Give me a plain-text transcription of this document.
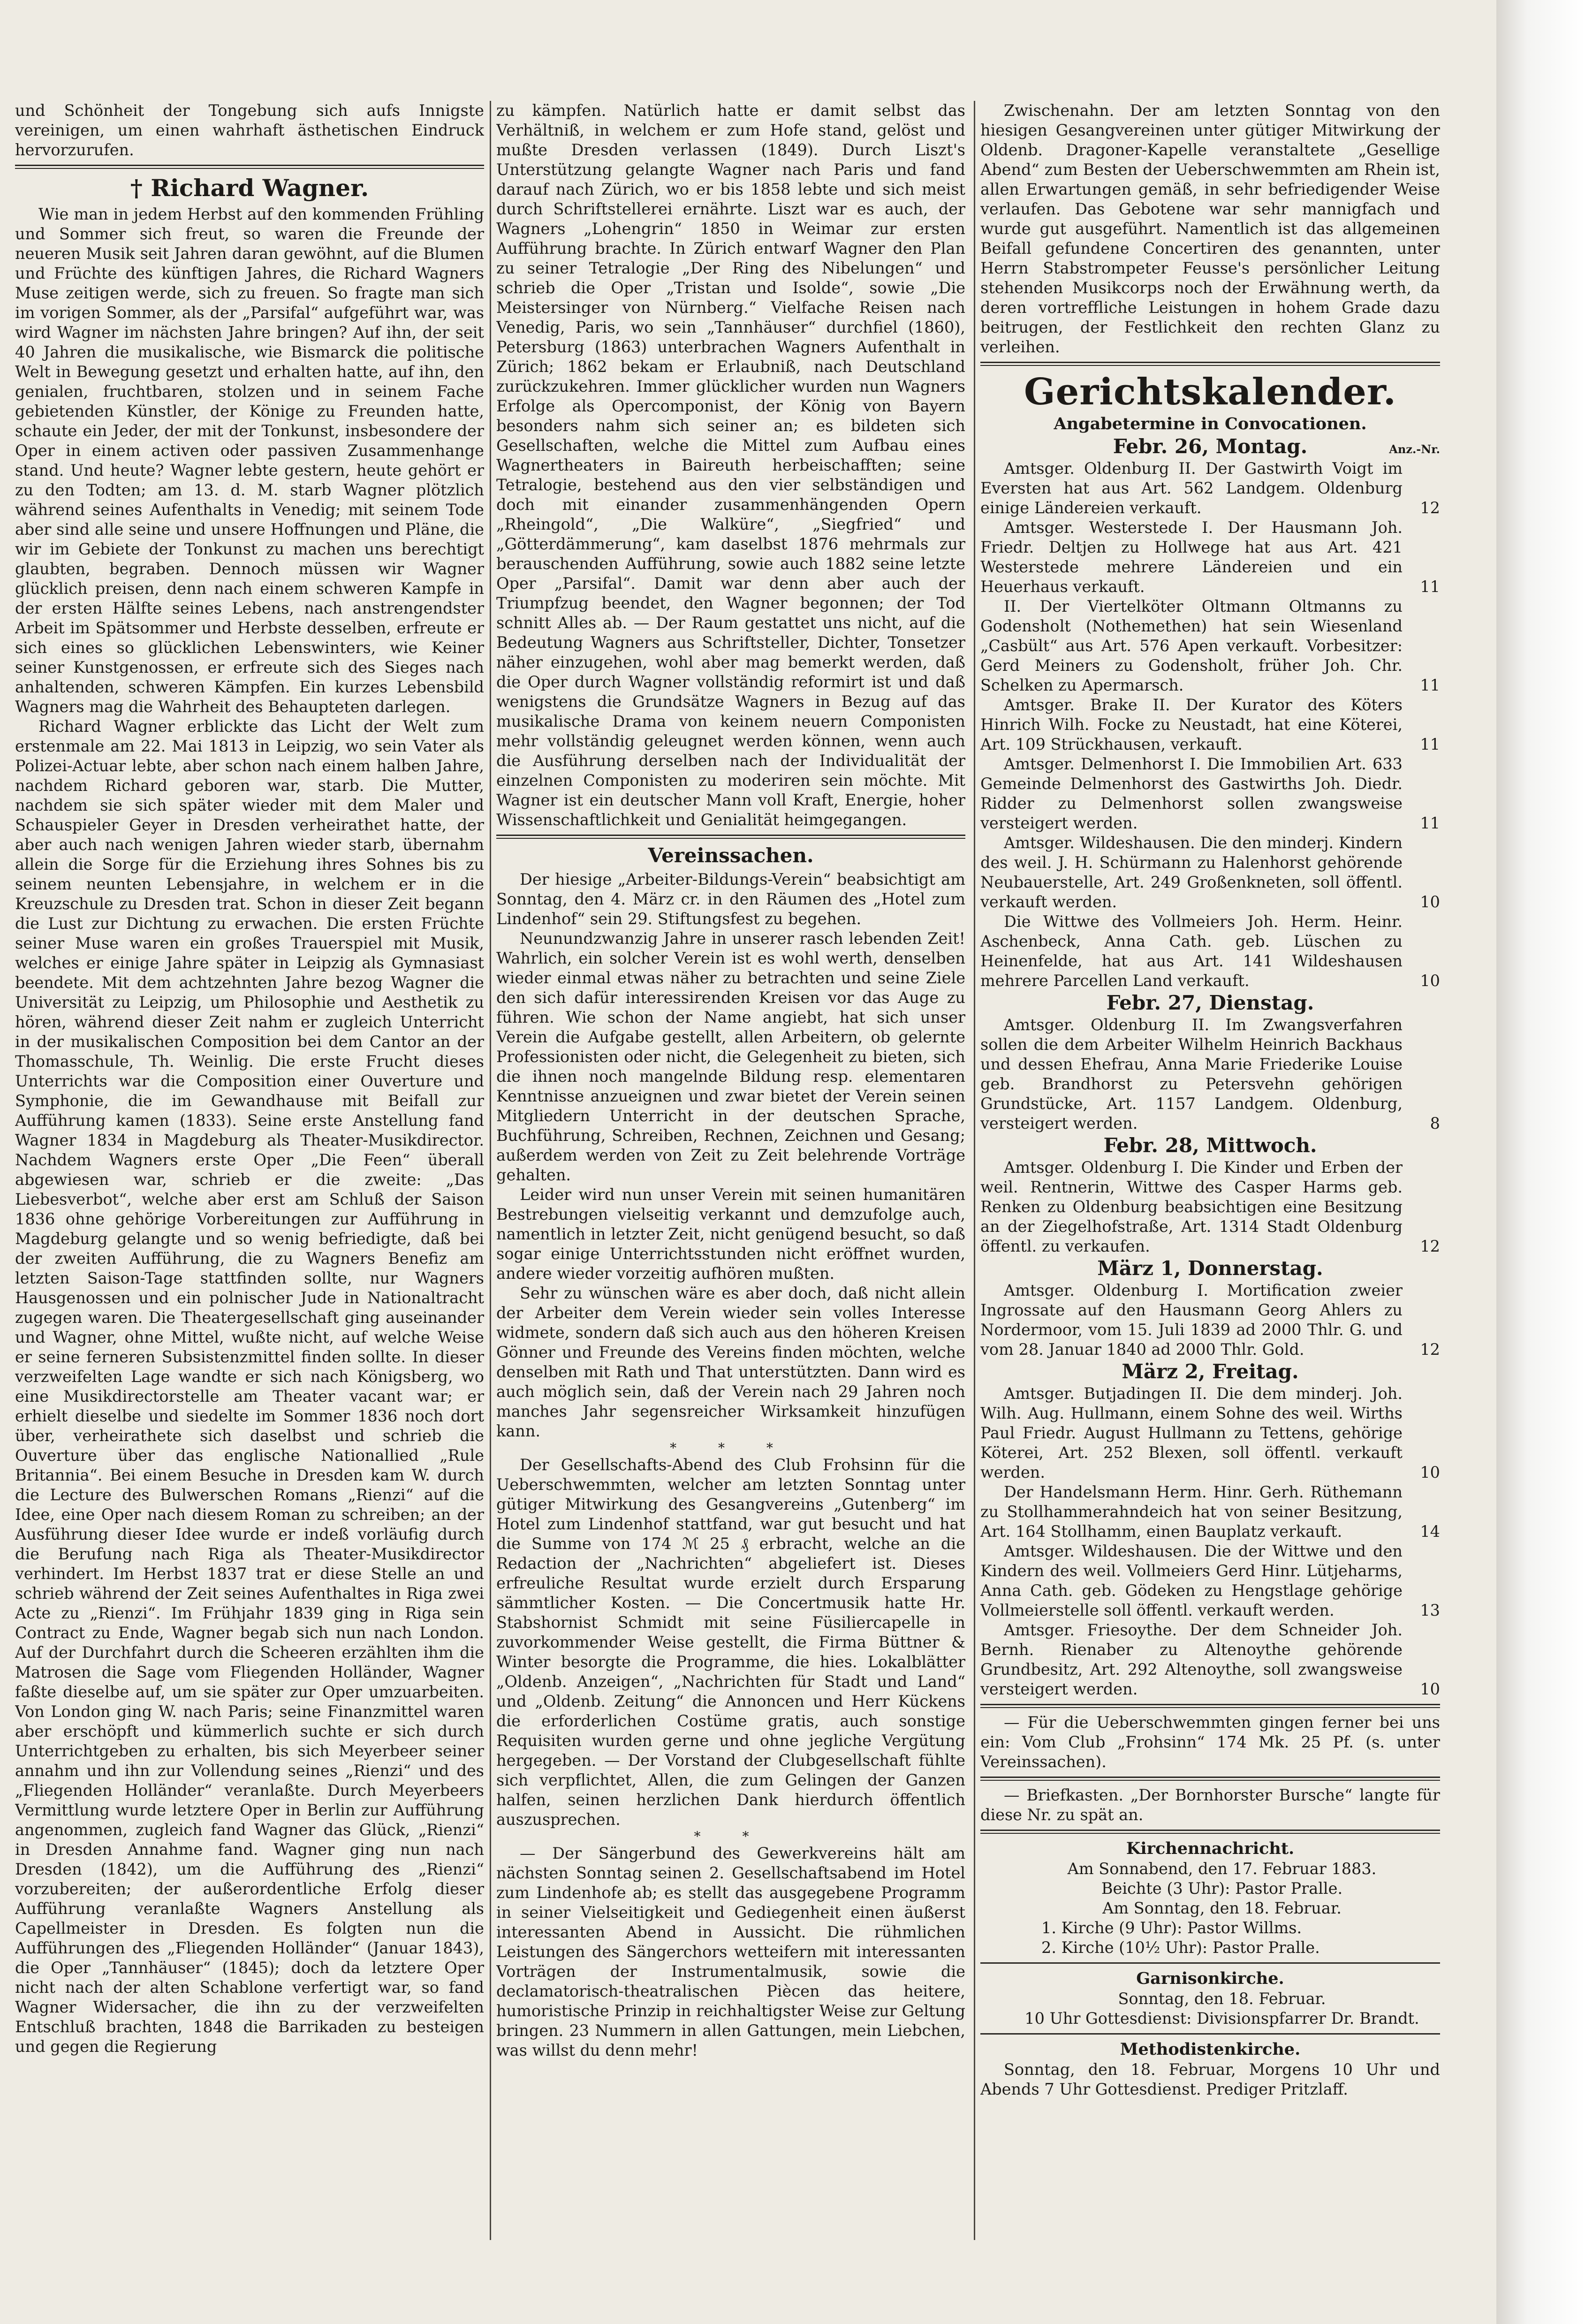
und Schönheit der Tongebung sich aufs Innigste vereinigen, um einen wahrhaft ästhetischen Eindruck hervorzurufen.

† Richard Wagner.

Wie man in jedem Herbst auf den kommenden Frühling und Sommer sich freut, so waren die Freunde der neueren Musik seit Jahren daran gewöhnt, auf die Blumen und Früchte des künftigen Jahres, die Richard Wagners Muse zeitigen werde, sich zu freuen. So fragte man sich im vorigen Sommer, als der „Parsifal“ aufgeführt war, was wird Wagner im nächsten Jahre bringen? Auf ihn, der seit 40 Jahren die musikalische, wie Bismarck die politische Welt in Bewegung gesetzt und erhalten hatte, auf ihn, den genialen, fruchtbaren, stolzen und in seinem Fache gebietenden Künstler, der Könige zu Freunden hatte, schaute ein Jeder, der mit der Tonkunst, insbesondere der Oper in einem activen oder passiven Zusammenhange stand. Und heute? Wagner lebte gestern, heute gehört er zu den Todten; am 13. d. M. starb Wagner plötzlich während seines Aufenthalts in Venedig; mit seinem Tode aber sind alle seine und unsere Hoffnungen und Pläne, die wir im Gebiete der Tonkunst zu machen uns berechtigt glaubten, begraben. Dennoch müssen wir Wagner glücklich preisen, denn nach einem schweren Kampfe in der ersten Hälfte seines Lebens, nach anstrengendster Arbeit im Spätsommer und Herbste desselben, erfreute er sich eines so glücklichen Lebenswinters, wie Keiner seiner Kunstgenossen, er erfreute sich des Sieges nach anhaltenden, schweren Kämpfen. Ein kurzes Lebensbild Wagners mag die Wahrheit des Behaupteten darlegen.

Richard Wagner erblickte das Licht der Welt zum erstenmale am 22. Mai 1813 in Leipzig, wo sein Vater als Polizei-Actuar lebte, aber schon nach einem halben Jahre, nachdem Richard geboren war, starb. Die Mutter, nachdem sie sich später wieder mit dem Maler und Schauspieler Geyer in Dresden verheirathet hatte, der aber auch nach wenigen Jahren wieder starb, übernahm allein die Sorge für die Erziehung ihres Sohnes bis zu seinem neunten Lebensjahre, in welchem er in die Kreuzschule zu Dresden trat. Schon in dieser Zeit begann die Lust zur Dichtung zu erwachen. Die ersten Früchte seiner Muse waren ein großes Trauerspiel mit Musik, welches er einige Jahre später in Leipzig als Gymnasiast beendete. Mit dem achtzehnten Jahre bezog Wagner die Universität zu Leipzig, um Philosophie und Aesthetik zu hören, während dieser Zeit nahm er zugleich Unterricht in der musikalischen Composition bei dem Cantor an der Thomasschule, Th. Weinlig. Die erste Frucht dieses Unterrichts war die Composition einer Ouverture und Symphonie, die im Gewandhause mit Beifall zur Aufführung kamen (1833). Seine erste Anstellung fand Wagner 1834 in Magdeburg als Theater-Musikdirector. Nachdem Wagners erste Oper „Die Feen“ überall abgewiesen war, schrieb er die zweite: „Das Liebesverbot“, welche aber erst am Schluß der Saison 1836 ohne gehörige Vorbereitungen zur Aufführung in Magdeburg gelangte und so wenig befriedigte, daß bei der zweiten Aufführung, die zu Wagners Benefiz am letzten Saison-Tage stattfinden sollte, nur Wagners Hausgenossen und ein polnischer Jude in Nationaltracht zugegen waren. Die Theatergesellschaft ging auseinander und Wagner, ohne Mittel, wußte nicht, auf welche Weise er seine ferneren Subsistenzmittel finden sollte. In dieser verzweifelten Lage wandte er sich nach Königsberg, wo eine Musikdirectorstelle am Theater vacant war; er erhielt dieselbe und siedelte im Sommer 1836 noch dort über, verheirathete sich daselbst und schrieb die Ouverture über das englische Nationallied „Rule Britannia“. Bei einem Besuche in Dresden kam W. durch die Lecture des Bulwerschen Romans „Rienzi“ auf die Idee, eine Oper nach diesem Roman zu schreiben; an der Ausführung dieser Idee wurde er indeß vorläufig durch die Berufung nach Riga als Theater-Musikdirector verhindert. Im Herbst 1837 trat er diese Stelle an und schrieb während der Zeit seines Aufenthaltes in Riga zwei Acte zu „Rienzi“. Im Frühjahr 1839 ging in Riga sein Contract zu Ende, Wagner begab sich nun nach London. Auf der Durchfahrt durch die Scheeren erzählten ihm die Matrosen die Sage vom Fliegenden Holländer, Wagner faßte dieselbe auf, um sie später zur Oper umzuarbeiten. Von London ging W. nach Paris; seine Finanzmittel waren aber erschöpft und kümmerlich suchte er sich durch Unterrichtgeben zu erhalten, bis sich Meyerbeer seiner annahm und ihn zur Vollendung seines „Rienzi“ und des „Fliegenden Holländer“ veranlaßte. Durch Meyerbeers Vermittlung wurde letztere Oper in Berlin zur Aufführung angenommen, zugleich fand Wagner das Glück, „Rienzi“ in Dresden Annahme fand. Wagner ging nun nach Dresden (1842), um die Aufführung des „Rienzi“ vorzubereiten; der außerordentliche Erfolg dieser Aufführung veranlaßte Wagners Anstellung als Capellmeister in Dresden. Es folgten nun die Aufführungen des „Fliegenden Holländer“ (Januar 1843), die Oper „Tannhäuser“ (1845); doch da letztere Oper nicht nach der alten Schablone verfertigt war, so fand Wagner Widersacher, die ihn zu der verzweifelten Entschluß brachten, 1848 die Barrikaden zu besteigen und gegen die Regierung

zu kämpfen. Natürlich hatte er damit selbst das Verhältniß, in welchem er zum Hofe stand, gelöst und mußte Dresden verlassen (1849). Durch Liszt's Unterstützung gelangte Wagner nach Paris und fand darauf nach Zürich, wo er bis 1858 lebte und sich meist durch Schriftstellerei ernährte. Liszt war es auch, der Wagners „Lohengrin“ 1850 in Weimar zur ersten Aufführung brachte. In Zürich entwarf Wagner den Plan zu seiner Tetralogie „Der Ring des Nibelungen“ und schrieb die Oper „Tristan und Isolde“, sowie „Die Meistersinger von Nürnberg.“ Vielfache Reisen nach Venedig, Paris, wo sein „Tannhäuser“ durchfiel (1860), Petersburg (1863) unterbrachen Wagners Aufenthalt in Zürich; 1862 bekam er Erlaubniß, nach Deutschland zurückzukehren. Immer glücklicher wurden nun Wagners Erfolge als Opercomponist, der König von Bayern besonders nahm sich seiner an; es bildeten sich Gesellschaften, welche die Mittel zum Aufbau eines Wagnertheaters in Baireuth herbeischafften; seine Tetralogie, bestehend aus den vier selbständigen und doch mit einander zusammenhängenden Opern „Rheingold“, „Die Walküre“, „Siegfried“ und „Götterdämmerung“, kam daselbst 1876 mehrmals zur berauschenden Aufführung, sowie auch 1882 seine letzte Oper „Parsifal“. Damit war denn aber auch der Triumpfzug beendet, den Wagner begonnen; der Tod schnitt Alles ab. — Der Raum gestattet uns nicht, auf die Bedeutung Wagners aus Schriftsteller, Dichter, Tonsetzer näher einzugehen, wohl aber mag bemerkt werden, daß die Oper durch Wagner vollständig reformirt ist und daß wenigstens die Grundsätze Wagners in Bezug auf das musikalische Drama von keinem neuern Componisten mehr vollständig geleugnet werden können, wenn auch die Ausführung derselben nach der Individualität der einzelnen Componisten zu moderiren sein möchte. Mit Wagner ist ein deutscher Mann voll Kraft, Energie, hoher Wissenschaftlichkeit und Genialität heimgegangen.

Vereinssachen.

Der hiesige „Arbeiter-Bildungs-Verein“ beabsichtigt am Sonntag, den 4. März cr. in den Räumen des „Hotel zum Lindenhof“ sein 29. Stiftungsfest zu begehen.

Neunundzwanzig Jahre in unserer rasch lebenden Zeit! Wahrlich, ein solcher Verein ist es wohl werth, denselben wieder einmal etwas näher zu betrachten und seine Ziele den sich dafür interessirenden Kreisen vor das Auge zu führen. Wie schon der Name angiebt, hat sich unser Verein die Aufgabe gestellt, allen Arbeitern, ob gelernte Professionisten oder nicht, die Gelegenheit zu bieten, sich die ihnen noch mangelnde Bildung resp. elementaren Kenntnisse anzueignen und zwar bietet der Verein seinen Mitgliedern Unterricht in der deutschen Sprache, Buchführung, Schreiben, Rechnen, Zeichnen und Gesang; außerdem werden von Zeit zu Zeit belehrende Vorträge gehalten.

Leider wird nun unser Verein mit seinen humanitären Bestrebungen vielseitig verkannt und demzufolge auch, namentlich in letzter Zeit, nicht genügend besucht, so daß sogar einige Unterrichtsstunden nicht eröffnet wurden, andere wieder vorzeitig aufhören mußten.

Sehr zu wünschen wäre es aber doch, daß nicht allein der Arbeiter dem Verein wieder sein volles Interesse widmete, sondern daß sich auch aus den höheren Kreisen Gönner und Freunde des Vereins finden möchten, welche denselben mit Rath und That unterstützten. Dann wird es auch möglich sein, daß der Verein nach 29 Jahren noch manches Jahr segensreicher Wirksamkeit hinzufügen kann.

* * *

Der Gesellschafts-Abend des Club Frohsinn für die Ueberschwemmten, welcher am letzten Sonntag unter gütiger Mitwirkung des Gesangvereins „Gutenberg“ im Hotel zum Lindenhof stattfand, war gut besucht und hat die Summe von 174 ℳ 25 ₰ erbracht, welche an die Redaction der „Nachrichten“ abgeliefert ist. Dieses erfreuliche Resultat wurde erzielt durch Ersparung sämmtlicher Kosten. — Die Concertmusik hatte Hr. Stabshornist Schmidt mit seine Füsiliercapelle in zuvorkommender Weise gestellt, die Firma Büttner & Winter besorgte die Programme, die hies. Lokalblätter „Oldenb. Anzeigen“, „Nachrichten für Stadt und Land“ und „Oldenb. Zeitung“ die Annoncen und Herr Kückens die erforderlichen Costüme gratis, auch sonstige Requisiten wurden gerne und ohne jegliche Vergütung hergegeben. — Der Vorstand der Clubgesellschaft fühlte sich verpflichtet, Allen, die zum Gelingen der Ganzen halfen, seinen herzlichen Dank hierdurch öffentlich auszusprechen.

* *

— Der Sängerbund des Gewerkvereins hält am nächsten Sonntag seinen 2. Gesellschaftsabend im Hotel zum Lindenhofe ab; es stellt das ausgegebene Programm in seiner Vielseitigkeit und Gediegenheit einen äußerst interessanten Abend in Aussicht. Die rühmlichen Leistungen des Sängerchors wetteifern mit interessanten Vorträgen der Instrumentalmusik, sowie die declamatorisch-theatralischen Piècen das heitere, humoristische Prinzip in reichhaltigster Weise zur Geltung bringen. 23 Nummern in allen Gattungen, mein Liebchen, was willst du denn mehr!

Zwischenahn. Der am letzten Sonntag von den hiesigen Gesangvereinen unter gütiger Mitwirkung der Oldenb. Dragoner-Kapelle veranstaltete „Gesellige Abend“ zum Besten der Ueberschwemmten am Rhein ist, allen Erwartungen gemäß, in sehr befriedigender Weise verlaufen. Das Gebotene war sehr mannigfach und wurde gut ausgeführt. Namentlich ist das allgemeinen Beifall gefundene Concertiren des genannten, unter Herrn Stabstrompeter Feusse's persönlicher Leitung stehenden Musikcorps noch der Erwähnung werth, da deren vortreffliche Leistungen in hohem Grade dazu beitrugen, der Festlichkeit den rechten Glanz zu verleihen.

Gerichtskalender.
Angabetermine in Convocationen.
Febr. 26, Montag.	Anz.-Nr.

Amtsger. Oldenburg II. Der Gastwirth Voigt im Eversten hat aus Art. 562 Landgem. Oldenburg einige Ländereien verkauft.	12

Amtsger. Westerstede I. Der Hausmann Joh. Friedr. Deltjen zu Hollwege hat aus Art. 421 Westerstede mehrere Ländereien und ein Heuerhaus verkauft.	11

II. Der Viertelköter Oltmann Oltmanns zu Godensholt (Nothemethen) hat sein Wiesenland „Casbült“ aus Art. 576 Apen verkauft. Vorbesitzer: Gerd Meiners zu Godensholt, früher Joh. Chr. Schelken zu Apermarsch.	11

Amtsger. Brake II. Der Kurator des Köters Hinrich Wilh. Focke zu Neustadt, hat eine Köterei, Art. 109 Strückhausen, verkauft.	11

Amtsger. Delmenhorst I. Die Immobilien Art. 633 Gemeinde Delmenhorst des Gastwirths Joh. Diedr. Ridder zu Delmenhorst sollen zwangsweise versteigert werden.	11

Amtsger. Wildeshausen. Die den minderj. Kindern des weil. J. H. Schürmann zu Halenhorst gehörende Neubauerstelle, Art. 249 Großenkneten, soll öffentl. verkauft werden.	10

Die Wittwe des Vollmeiers Joh. Herm. Heinr. Aschenbeck, Anna Cath. geb. Lüschen zu Heinenfelde, hat aus Art. 141 Wildeshausen mehrere Parcellen Land verkauft.	10

Febr. 27, Dienstag.

Amtsger. Oldenburg II. Im Zwangsverfahren sollen die dem Arbeiter Wilhelm Heinrich Backhaus und dessen Ehefrau, Anna Marie Friederike Louise geb. Brandhorst zu Petersvehn gehörigen Grundstücke, Art. 1157 Landgem. Oldenburg, versteigert werden.	8

Febr. 28, Mittwoch.

Amtsger. Oldenburg I. Die Kinder und Erben der weil. Rentnerin, Wittwe des Casper Harms geb. Renken zu Oldenburg beabsichtigen eine Besitzung an der Ziegelhofstraße, Art. 1314 Stadt Oldenburg öffentl. zu verkaufen.	12

März 1, Donnerstag.

Amtsger. Oldenburg I. Mortification zweier Ingrossate auf den Hausmann Georg Ahlers zu Nordermoor, vom 15. Juli 1839 ad 2000 Thlr. G. und vom 28. Januar 1840 ad 2000 Thlr. Gold.	12

März 2, Freitag.

Amtsger. Butjadingen II. Die dem minderj. Joh. Wilh. Aug. Hullmann, einem Sohne des weil. Wirths Paul Friedr. August Hullmann zu Tettens, gehörige Köterei, Art. 252 Blexen, soll öffentl. verkauft werden.	10

Der Handelsmann Herm. Hinr. Gerh. Rüthemann zu Stollhammerahndeich hat von seiner Besitzung, Art. 164 Stollhamm, einen Bauplatz verkauft.	14

Amtsger. Wildeshausen. Die der Wittwe und den Kindern des weil. Vollmeiers Gerd Hinr. Lütjeharms, Anna Cath. geb. Gödeken zu Hengstlage gehörige Vollmeierstelle soll öffentl. verkauft werden.	13

Amtsger. Friesoythe. Der dem Schneider Joh. Bernh. Rienaber zu Altenoythe gehörende Grundbesitz, Art. 292 Altenoythe, soll zwangsweise versteigert werden.	10

— Für die Ueberschwemmten gingen ferner bei uns ein: Vom Club „Frohsinn“ 174 Mk. 25 Pf. (s. unter Vereinssachen).

— Briefkasten. „Der Bornhorster Bursche“ langte für diese Nr. zu spät an.

Kirchennachricht.

Am Sonnabend, den 17. Februar 1883.

Beichte (3 Uhr): Pastor Pralle.

Am Sonntag, den 18. Februar.

1. Kirche (9 Uhr): Pastor Willms.

2. Kirche (10½ Uhr): Pastor Pralle.

Garnisonkirche.

Sonntag, den 18. Februar.

10 Uhr Gottesdienst: Divisionspfarrer Dr. Brandt.

Methodistenkirche.

Sonntag, den 18. Februar, Morgens 10 Uhr und Abends 7 Uhr Gottesdienst. Prediger Pritzlaff.
